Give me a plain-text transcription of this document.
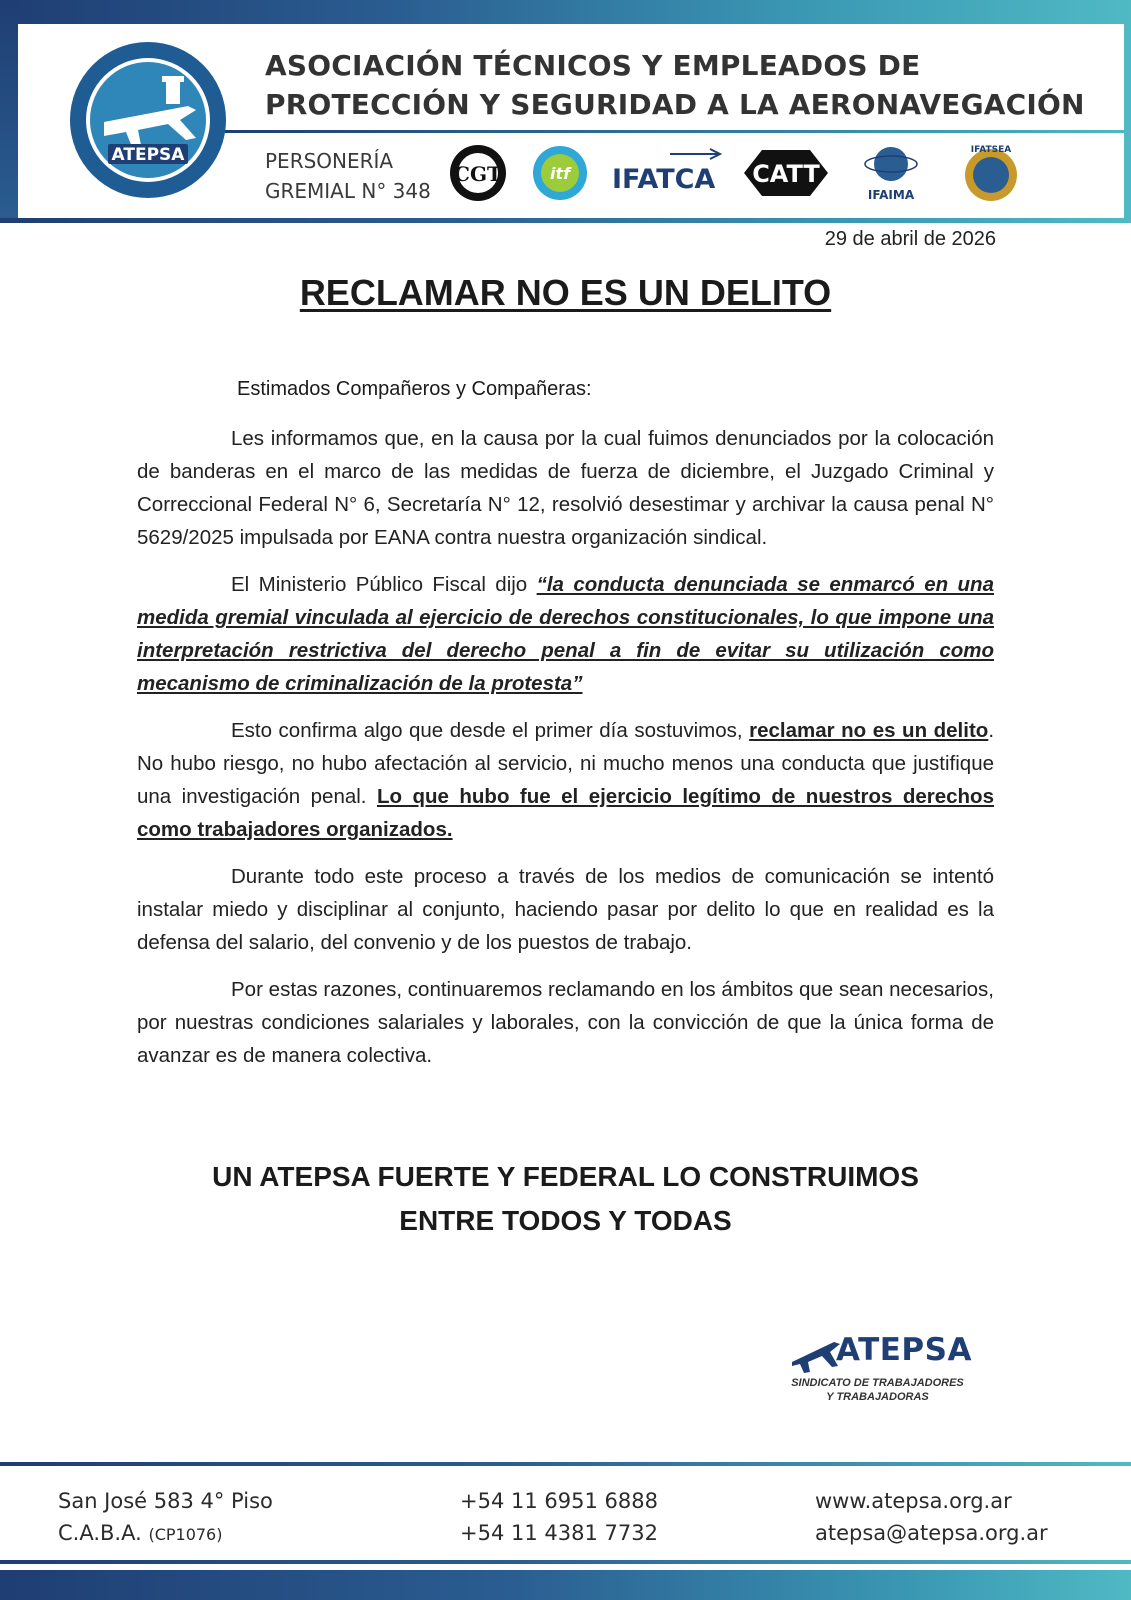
ATEPSA
ASOCIACIÓN TÉCNICOS Y EMPLEADOS DE
PROTECCIÓN Y SEGURIDAD A LA AERONAVEGACIÓN
PERSONERÍA
GREMIAL N° 348
CGT	itf IFATCA CATT
IFAIMA
IFATSEA
29 de abril de 2026
RECLAMAR NO ES UN DELITO
Estimados Compañeros y Compañeras:

Les informamos que, en la causa por la cual fuimos denunciados por la colocación de banderas en el marco de las medidas de fuerza de diciembre, el Juzgado Criminal y Correccional Federal N° 6, Secretaría N° 12, resolvió desestimar y archivar la causa penal N° 5629/2025 impulsada por EANA contra nuestra organización sindical.

El Ministerio Público Fiscal dijo “la conducta denunciada se enmarcó en una medida gremial vinculada al ejercicio de derechos constitucionales, lo que impone una interpretación restrictiva del derecho penal a fin de evitar su utilización como mecanismo de criminalización de la protesta”

Esto confirma algo que desde el primer día sostuvimos, reclamar no es un delito. No hubo riesgo, no hubo afectación al servicio, ni mucho menos una conducta que justifique una investigación penal. Lo que hubo fue el ejercicio legítimo de nuestros derechos como trabajadores organizados.

Durante todo este proceso a través de los medios de comunicación se intentó instalar miedo y disciplinar al conjunto, haciendo pasar por delito lo que en realidad es la defensa del salario, del convenio y de los puestos de trabajo.

Por estas razones, continuaremos reclamando en los ámbitos que sean necesarios, por nuestras condiciones salariales y laborales, con la convicción de que la única forma de avanzar es de manera colectiva.

UN ATEPSA FUERTE Y FEDERAL LO CONSTRUIMOS
ENTRE TODOS Y TODAS
ATEPSA
SINDICATO DE TRABAJADORES
Y TRABAJADORAS
San José 583 4° Piso
C.A.B.A. (CP1076)
+54 11 6951 6888
+54 11 4381 7732
www.atepsa.org.ar
atepsa@atepsa.org.ar
